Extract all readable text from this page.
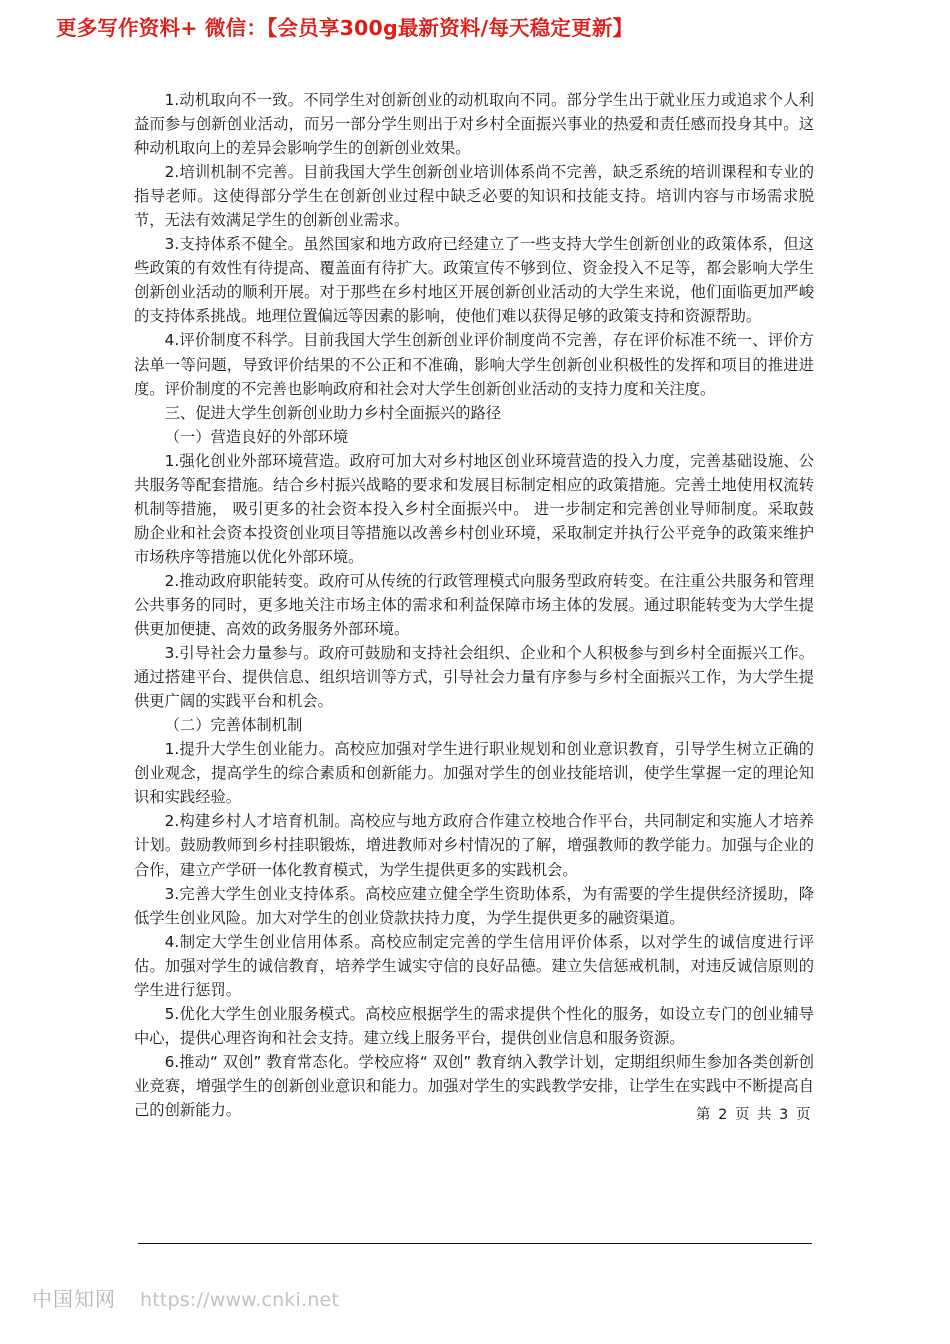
更多写作资料+ 微信：【会员享300g最新资料/每天稳定更新】

1.动机取向不一致。不同学生对创新创业的动机取向不同。部分学生出于就业压力或追求个人利益而参与创新创业活动，而另一部分学生则出于对乡村全面振兴事业的热爱和责任感而投身其中。这种动机取向上的差异会影响学生的创新创业效果。

2.培训机制不完善。目前我国大学生创新创业培训体系尚不完善，缺乏系统的培训课程和专业的指导老师。这使得部分学生在创新创业过程中缺乏必要的知识和技能支持。培训内容与市场需求脱节，无法有效满足学生的创新创业需求。

3.支持体系不健全。虽然国家和地方政府已经建立了一些支持大学生创新创业的政策体系，但这些政策的有效性有待提高、覆盖面有待扩大。政策宣传不够到位、资金投入不足等，都会影响大学生创新创业活动的顺利开展。对于那些在乡村地区开展创新创业活动的大学生来说，他们面临更加严峻的支持体系挑战。地理位置偏远等因素的影响，使他们难以获得足够的政策支持和资源帮助。

4.评价制度不科学。目前我国大学生创新创业评价制度尚不完善，存在评价标准不统一、评价方法单一等问题，导致评价结果的不公正和不准确，影响大学生创新创业积极性的发挥和项目的推进进度。评价制度的不完善也影响政府和社会对大学生创新创业活动的支持力度和关注度。

三、促进大学生创新创业助力乡村全面振兴的路径

（一）营造良好的外部环境

1.强化创业外部环境营造。政府可加大对乡村地区创业环境营造的投入力度，完善基础设施、公共服务等配套措施。结合乡村振兴战略的要求和发展目标制定相应的政策措施。完善土地使用权流转机制等措施， 吸引更多的社会资本投入乡村全面振兴中。 进一步制定和完善创业导师制度。采取鼓励企业和社会资本投资创业项目等措施以改善乡村创业环境，采取制定并执行公平竞争的政策来维护市场秩序等措施以优化外部环境。

2.推动政府职能转变。政府可从传统的行政管理模式向服务型政府转变。在注重公共服务和管理公共事务的同时，更多地关注市场主体的需求和利益保障市场主体的发展。通过职能转变为大学生提供更加便捷、高效的政务服务外部环境。

3.引导社会力量参与。政府可鼓励和支持社会组织、企业和个人积极参与到乡村全面振兴工作。通过搭建平台、提供信息、组织培训等方式，引导社会力量有序参与乡村全面振兴工作，为大学生提供更广阔的实践平台和机会。

（二）完善体制机制

1.提升大学生创业能力。高校应加强对学生进行职业规划和创业意识教育，引导学生树立正确的创业观念，提高学生的综合素质和创新能力。加强对学生的创业技能培训，使学生掌握一定的理论知识和实践经验。

2.构建乡村人才培育机制。高校应与地方政府合作建立校地合作平台，共同制定和实施人才培养计划。鼓励教师到乡村挂职锻炼，增进教师对乡村情况的了解，增强教师的教学能力。加强与企业的合作，建立产学研一体化教育模式，为学生提供更多的实践机会。

3.完善大学生创业支持体系。高校应建立健全学生资助体系，为有需要的学生提供经济援助，降低学生创业风险。加大对学生的创业贷款扶持力度，为学生提供更多的融资渠道。

4.制定大学生创业信用体系。高校应制定完善的学生信用评价体系，以对学生的诚信度进行评估。加强对学生的诚信教育，培养学生诚实守信的良好品德。建立失信惩戒机制，对违反诚信原则的学生进行惩罚。

5.优化大学生创业服务模式。高校应根据学生的需求提供个性化的服务，如设立专门的创业辅导中心，提供心理咨询和社会支持。建立线上服务平台，提供创业信息和服务资源。

6.推动“ 双创” 教育常态化。学校应将“ 双创” 教育纳入教学计划，定期组织师生参加各类创新创业竞赛，增强学生的创新创业意识和能力。加强对学生的实践教学安排，让学生在实践中不断提高自己的创新能力。	第 2 页 共 3 页
中国知网 https://www.cnki.net
